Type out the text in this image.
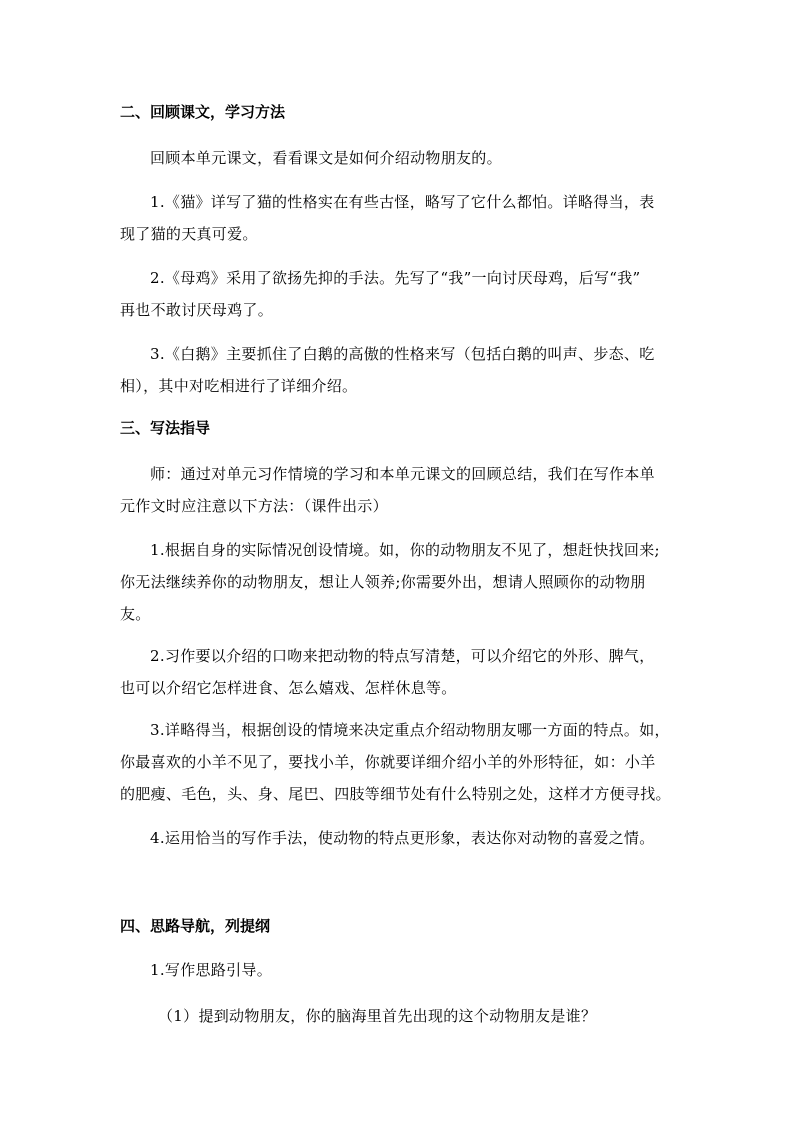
二、回顾课文，学习方法
回顾本单元课文，看看课文是如何介绍动物朋友的。
1.《猫》详写了猫的性格实在有些古怪，略写了它什么都怕。详略得当，表
现了猫的天真可爱。
2.《母鸡》采用了欲扬先抑的手法。先写了“我”一向讨厌母鸡，后写“我”
再也不敢讨厌母鸡了。
3.《白鹅》主要抓住了白鹅的高傲的性格来写（包括白鹅的叫声、步态、吃
相），其中对吃相进行了详细介绍。
三、写法指导
师：通过对单元习作情境的学习和本单元课文的回顾总结，我们在写作本单
元作文时应注意以下方法：（课件出示）
1.根据自身的实际情况创设情境。如，你的动物朋友不见了，想赶快找回来;
你无法继续养你的动物朋友，想让人领养;你需要外出，想请人照顾你的动物朋
友。
2.习作要以介绍的口吻来把动物的特点写清楚，可以介绍它的外形、脾气，
也可以介绍它怎样进食、怎么嬉戏、怎样休息等。
3.详略得当，根据创设的情境来决定重点介绍动物朋友哪一方面的特点。如，
你最喜欢的小羊不见了，要找小羊，你就要详细介绍小羊的外形特征，如：小羊
的肥瘦、毛色，头、身、尾巴、四肢等细节处有什么特别之处，这样才方便寻找。
4.运用恰当的写作手法，使动物的特点更形象，表达你对动物的喜爱之情。
四、思路导航，列提纲
1.写作思路引导。
（1）提到动物朋友，你的脑海里首先出现的这个动物朋友是谁？
